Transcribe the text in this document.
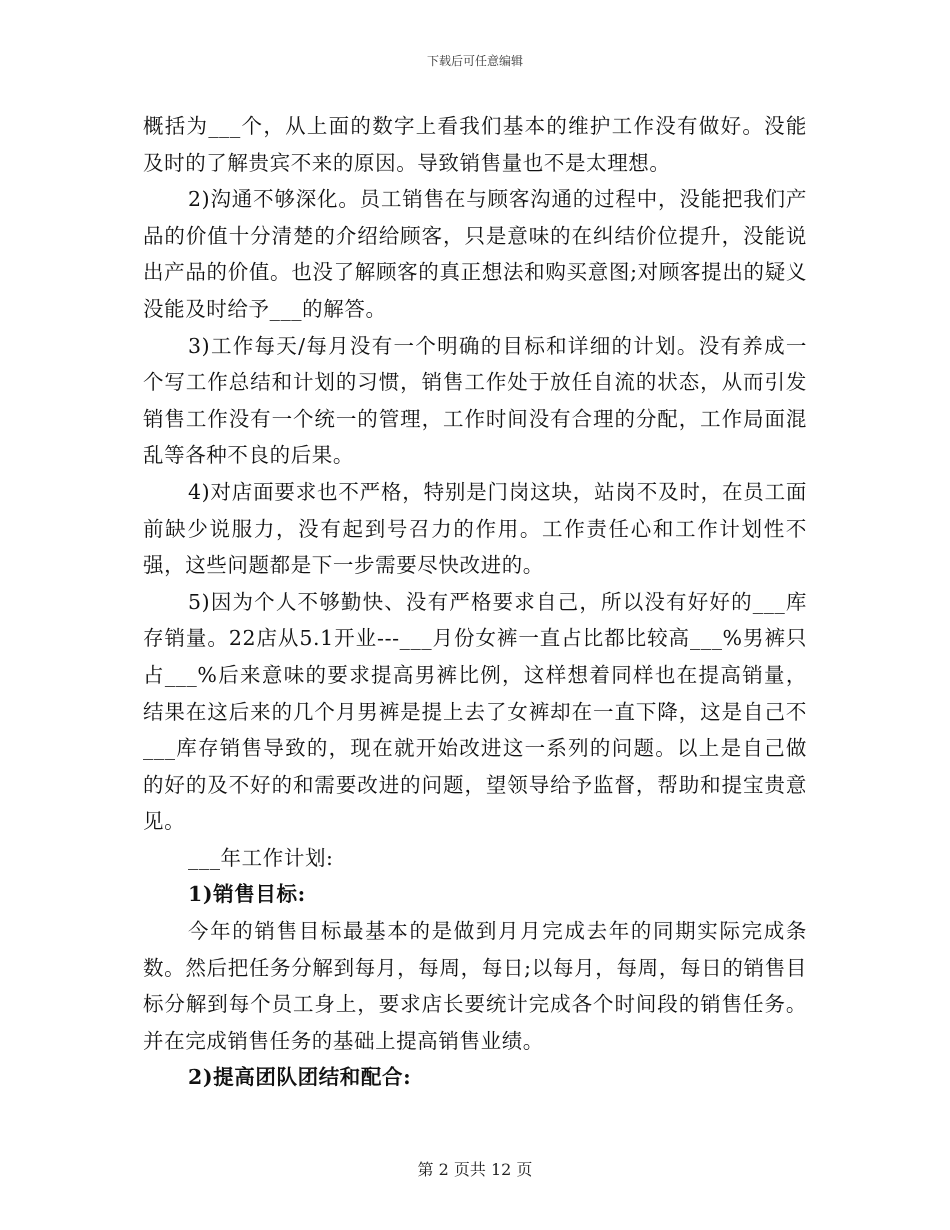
下载后可任意编辑

概括为___个，从上面的数字上看我们基本的维护工作没有做好。没能及时的了解贵宾不来的原因。导致销售量也不是太理想。

2)沟通不够深化。员工销售在与顾客沟通的过程中，没能把我们产品的价值十分清楚的介绍给顾客，只是意味的在纠结价位提升，没能说出产品的价值。也没了解顾客的真正想法和购买意图;对顾客提出的疑义没能及时给予___的解答。

3)工作每天/每月没有一个明确的目标和详细的计划。没有养成一个写工作总结和计划的习惯，销售工作处于放任自流的状态，从而引发销售工作没有一个统一的管理，工作时间没有合理的分配，工作局面混乱等各种不良的后果。

4)对店面要求也不严格，特别是门岗这块，站岗不及时，在员工面前缺少说服力，没有起到号召力的作用。工作责任心和工作计划性不强，这些问题都是下一步需要尽快改进的。

5)因为个人不够勤快、没有严格要求自己，所以没有好好的___库存销量。22店从5.1开业---___月份女裤一直占比都比较高___%男裤只占___%后来意味的要求提高男裤比例，这样想着同样也在提高销量，结果在这后来的几个月男裤是提上去了女裤却在一直下降，这是自己不___库存销售导致的，现在就开始改进这一系列的问题。以上是自己做的好的及不好的和需要改进的问题，望领导给予监督，帮助和提宝贵意见。

___年工作计划:

1)销售目标:

今年的销售目标最基本的是做到月月完成去年的同期实际完成条数。然后把任务分解到每月，每周，每日;以每月，每周，每日的销售目标分解到每个员工身上，要求店长要统计完成各个时间段的销售任务。并在完成销售任务的基础上提高销售业绩。

2)提高团队团结和配合:

第 2 页共 12 页
